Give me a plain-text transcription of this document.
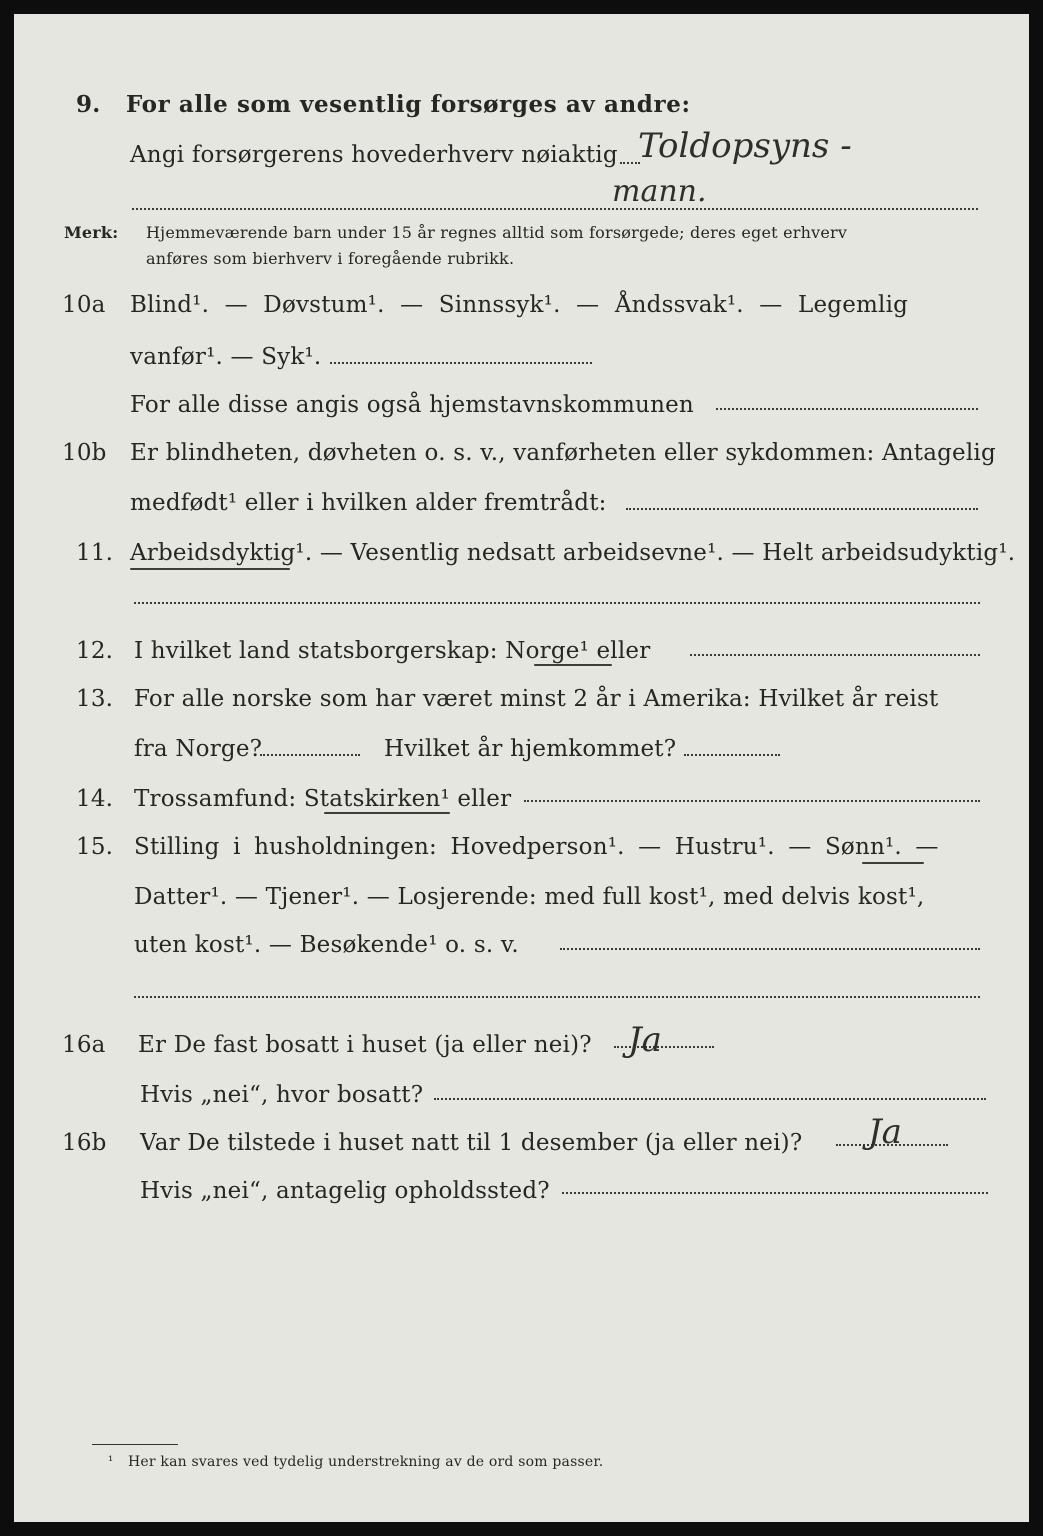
9. For alle som vesentlig forsørges av andre:
Angi forsørgerens hovederhverv nøiaktig Toldopsyns -
mann.
Merk: Hjemmeværende barn under 15 år regnes alltid som forsørgede; deres eget erhverv
anføres som bierhverv i foregående rubrikk.
10a Blind¹. — Døvstum¹. — Sinnssyk¹. — Åndssvak¹. — Legemlig
vanfør¹. — Syk¹.
For alle disse angis også hjemstavnskommunen
10b Er blindheten, døvheten o. s. v., vanførheten eller sykdommen: Antagelig
medfødt¹ eller i hvilken alder fremtrådt:
11. Arbeidsdyktig¹. — Vesentlig nedsatt arbeidsevne¹. — Helt arbeidsudyktig¹.
12. I hvilket land statsborgerskap: Norge¹ eller
13. For alle norske som har været minst 2 år i Amerika: Hvilket år reist
fra Norge?	Hvilket år hjemkommet?
14. Trossamfund: Statskirken¹ eller
15. Stilling i husholdningen: Hovedperson¹. — Hustru¹. — Sønn¹. —
Datter¹. — Tjener¹. — Losjerende: med full kost¹, med delvis kost¹,
uten kost¹. — Besøkende¹ o. s. v.
16a Er De fast bosatt i huset (ja eller nei)? Ja
Hvis „nei“, hvor bosatt?
16b Var De tilstede i huset natt til 1 desember (ja eller nei)? Ja
Hvis „nei“, antagelig opholdssted?
¹ Her kan svares ved tydelig understrekning av de ord som passer.
